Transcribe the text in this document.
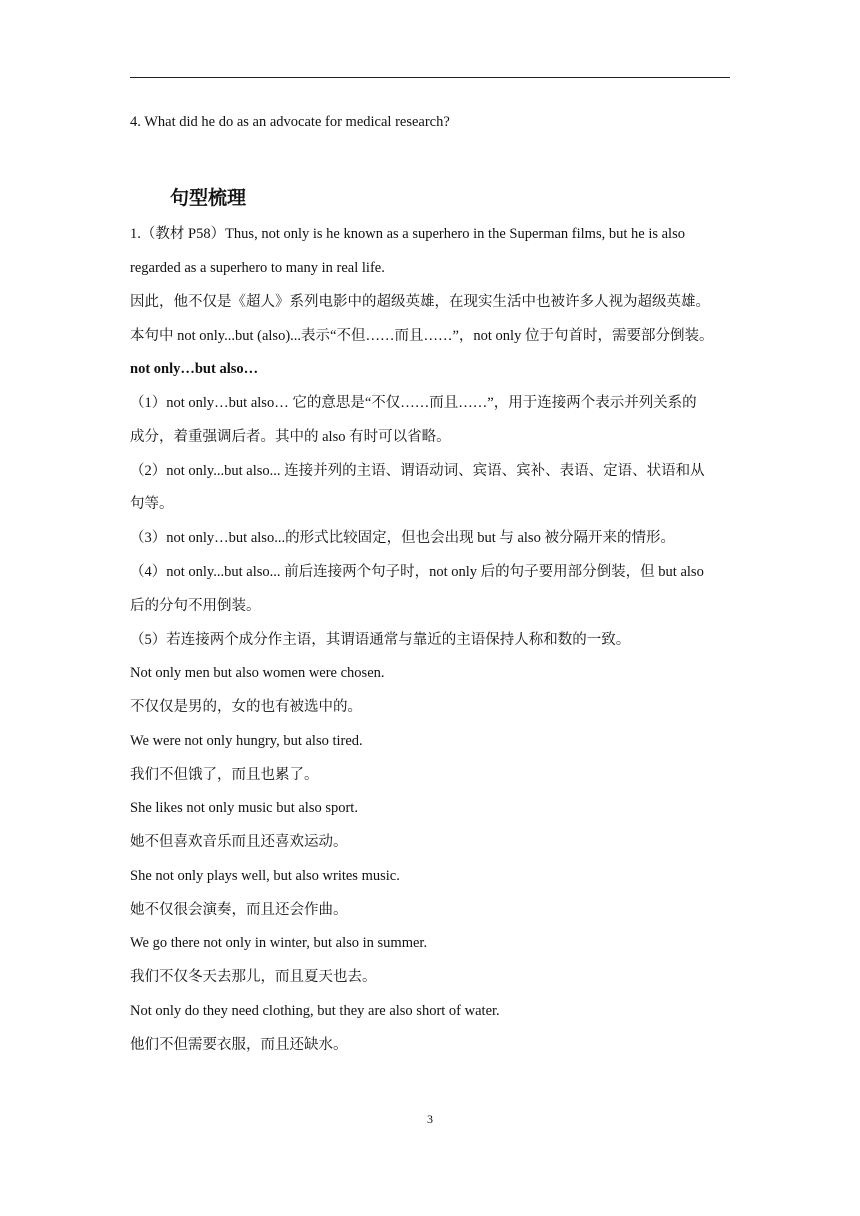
4. What did he do as an advocate for medical research?
句型梳理
1.（教材 P58）Thus, not only is he known as a superhero in the Superman films, but he is also
regarded as a superhero to many in real life.
因此，他不仅是《超人》系列电影中的超级英雄，在现实生活中也被许多人视为超级英雄。
本句中 not only...but (also)...表示“不但……而且……”，not only 位于句首时，需要部分倒装。
not only…but also…
（1）not only…but also… 它的意思是“不仅……而且……”，用于连接两个表示并列关系的
成分，着重强调后者。其中的 also 有时可以省略。
（2）not only...but also... 连接并列的主语、谓语动词、宾语、宾补、表语、定语、状语和从
句等。
（3）not only…but also...的形式比较固定，但也会出现 but 与 also 被分隔开来的情形。
（4）not only...but also... 前后连接两个句子时，not only 后的句子要用部分倒装，但 but also
后的分句不用倒装。
（5）若连接两个成分作主语，其谓语通常与靠近的主语保持人称和数的一致。
Not only men but also women were chosen.
不仅仅是男的，女的也有被选中的。
We were not only hungry, but also tired.
我们不但饿了，而且也累了。
She likes not only music but also sport.
她不但喜欢音乐而且还喜欢运动。
She not only plays well, but also writes music.
她不仅很会演奏，而且还会作曲。
We go there not only in winter, but also in summer.
我们不仅冬天去那儿，而且夏天也去。
Not only do they need clothing, but they are also short of water.
他们不但需要衣服，而且还缺水。
3
